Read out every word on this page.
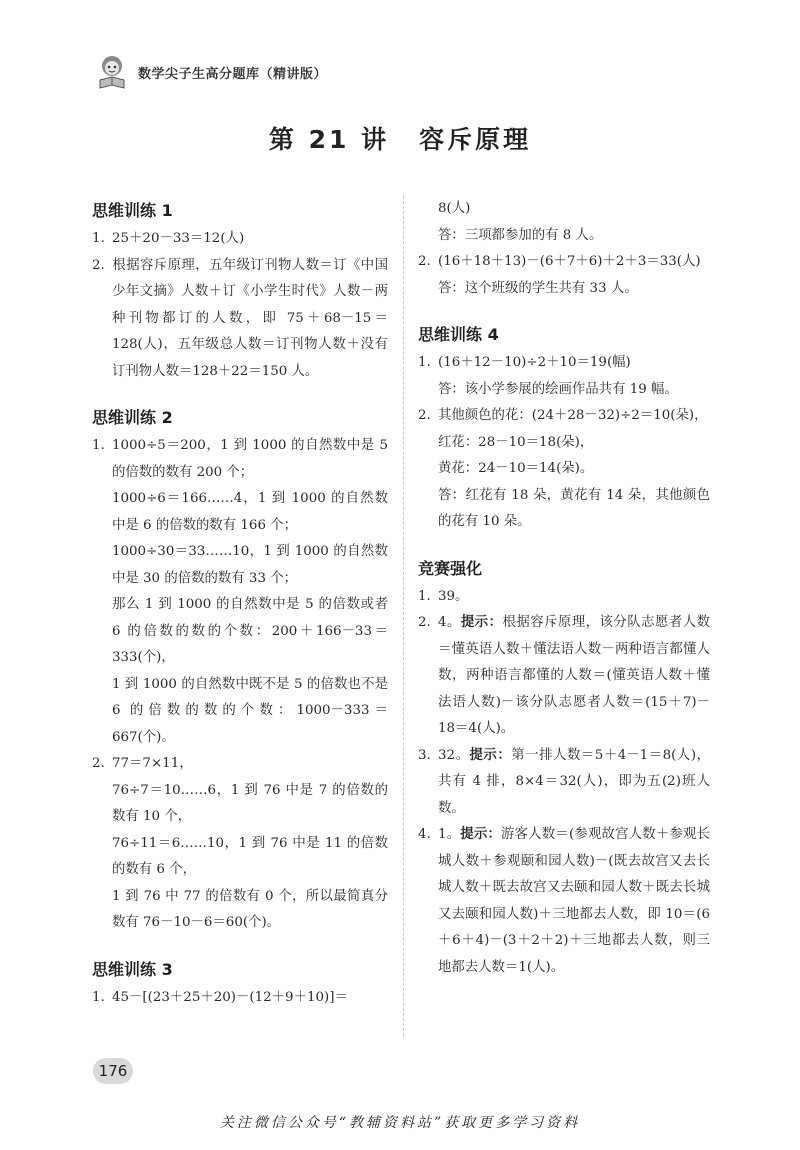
数学尖子生高分题库（精讲版）
第 21 讲 容斥原理
思维训练 1
1. 25＋20－33＝12(人)
2. 根据容斥原理，五年级订刊物人数＝订《中国少年文摘》人数＋订《小学生时代》人数－两种刊物都订的人数，即 75＋68－15＝128(人)，五年级总人数＝订刊物人数＋没有订刊物人数＝128＋22＝150 人。
思维训练 2
1. 1000÷5＝200，1 到 1000 的自然数中是 5 的倍数的数有 200 个；
1000÷6＝166……4，1 到 1000 的自然数中是 6 的倍数的数有 166 个；
1000÷30＝33……10，1 到 1000 的自然数中是 30 的倍数的数有 33 个；
那么 1 到 1000 的自然数中是 5 的倍数或者 6 的倍数的数的个数：200＋166－33＝333(个)，
1 到 1000 的自然数中既不是 5 的倍数也不是 6 的倍数的数的个数：1000－333＝667(个)。
2. 77＝7×11，
76÷7＝10……6，1 到 76 中是 7 的倍数的数有 10 个，
76÷11＝6……10，1 到 76 中是 11 的倍数的数有 6 个，
1 到 76 中 77 的倍数有 0 个，所以最简真分数有 76－10－6＝60(个)。
思维训练 3
1. 45－[(23＋25＋20)－(12＋9＋10)]＝
8(人)
答：三项都参加的有 8 人。
2. (16＋18＋13)－(6＋7＋6)＋2＋3＝33(人)
答：这个班级的学生共有 33 人。
思维训练 4
1. (16＋12－10)÷2＋10＝19(幅)
答：该小学参展的绘画作品共有 19 幅。
2. 其他颜色的花：(24＋28－32)÷2＝10(朵)，
红花：28－10＝18(朵)，
黄花：24－10＝14(朵)。
答：红花有 18 朵，黄花有 14 朵，其他颜色的花有 10 朵。
竞赛强化
1. 39。
2. 4。提示：根据容斥原理，该分队志愿者人数＝懂英语人数＋懂法语人数－两种语言都懂人数，两种语言都懂的人数＝(懂英语人数＋懂法语人数)－该分队志愿者人数＝(15＋7)－18＝4(人)。
3. 32。提示：第一排人数＝5＋4－1＝8(人)，共有 4 排，8×4＝32(人)，即为五(2)班人数。
4. 1。提示：游客人数＝(参观故宫人数＋参观长城人数＋参观颐和园人数)－(既去故宫又去长城人数＋既去故宫又去颐和园人数＋既去长城又去颐和园人数)＋三地都去人数，即 10＝(6＋6＋4)－(3＋2＋2)＋三地都去人数，则三地都去人数＝1(人)。
176
关注微信公众号“教辅资料站”获取更多学习资料
